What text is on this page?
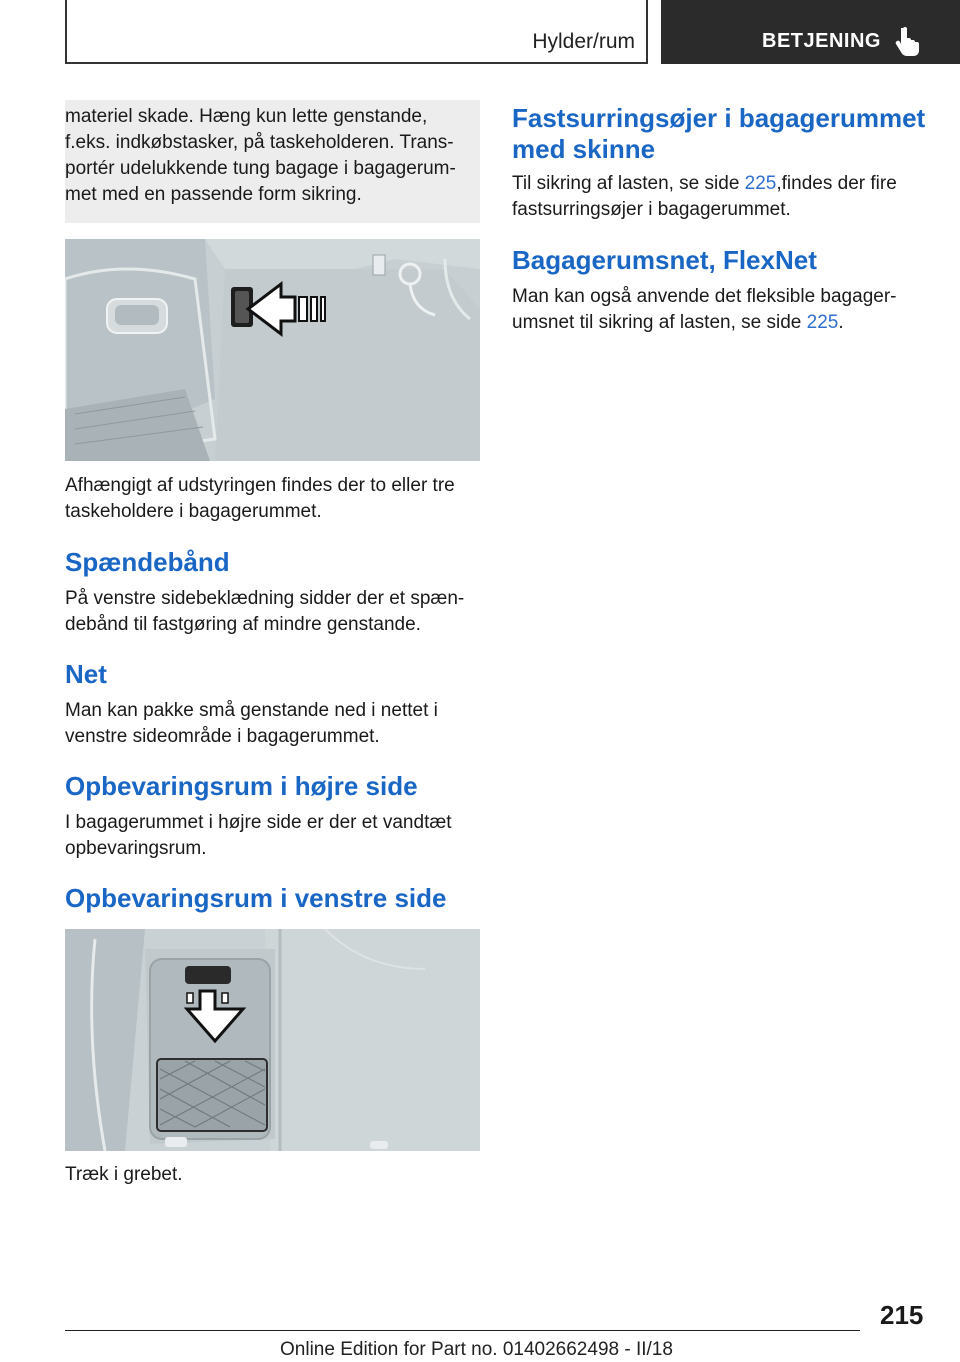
Hylder/rum	BETJENING

materiel skade. Hæng kun lette genstande,

f.eks. indkøbstasker, på taskeholderen. Trans-

portér udelukkende tung bagage i bagagerum-

met med en passende form sikring.

Afhængigt af udstyringen findes der to eller tre

taskeholdere i bagagerummet.

Spændebånd

På venstre sidebeklædning sidder der et spæn-

debånd til fastgøring af mindre genstande.

Net

Man kan pakke små genstande ned i nettet i

venstre sideområde i bagagerummet.

Opbevaringsrum i højre side

I bagagerummet i højre side er der et vandtæt

opbevaringsrum.

Opbevaringsrum i venstre side

Træk i grebet.

Fastsurringsøjer i bagagerummet
med skinne

Til sikring af lasten, se side 225,findes der fire

fastsurringsøjer i bagagerummet.

Bagagerumsnet, FlexNet

Man kan også anvende det fleksible bagager-

umsnet til sikring af lasten, se side 225.

215
Online Edition for Part no. 01402662498 - II/18
